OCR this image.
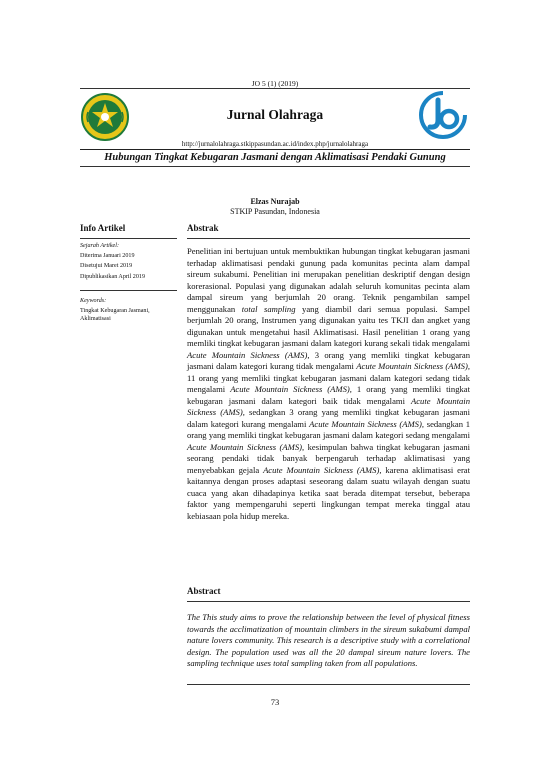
JO 5 (1) (2019)
Jurnal Olahraga
http://jurnalolahraga.stkippasundan.ac.id/index.php/jurnalolahraga
Hubungan Tingkat Kebugaran Jasmani dengan Aklimatisasi Pendaki Gunung
Elzas Nurajab
STKIP Pasundan, Indonesia
Info Artikel	Abstrak
Sejarah Artikel:
Diterima Januari 2019
Disetujui Maret 2019
Dipublikasikan April 2019
Keywords:
Tingkat Kebugaran Jasmani,
Aklimatisasi
Penelitian ini bertujuan untuk membuktikan hubungan tingkat kebugaran jasmani terhadap aklimatisasi pendaki gunung pada komunitas pecinta alam dampal sireum sukabumi. Penelitian ini merupakan penelitian deskriptif dengan design korerasional. Populasi yang digunakan adalah seluruh komunitas pecinta alam dampal sireum yang berjumlah 20 orang. Teknik pengambilan sampel menggunakan total sampling yang diambil dari semua populasi. Sampel berjumlah 20 orang, Instrumen yang digunakan yaitu tes TKJI dan angket yang digunakan untuk mengetahui hasil Aklimatisasi. Hasil penelitian 1 orang yang memliki tingkat kebugaran jasmani dalam kategori kurang sekali tidak mengalami Acute Mountain Sickness (AMS), 3 orang yang memliki tingkat kebugaran jasmani dalam kategori kurang tidak mengalami Acute Mountain Sickness (AMS), 11 orang yang memliki tingkat kebugaran jasmani dalam kategori sedang tidak mengalami Acute Mountain Sickness (AMS), 1 orang yang memliki tingkat kebugaran jasmani dalam kategori baik tidak mengalami Acute Mountain Sickness (AMS), sedangkan 3 orang yang memliki tingkat kebugaran jasmani dalam kategori kurang mengalami Acute Mountain Sickness (AMS), sedangkan 1 orang yang memliki tingkat kebugaran jasmani dalam kategori sedang mengalami Acute Mountain Sickness (AMS), kesimpulan bahwa tingkat kebugaran jasmani seorang pendaki tidak banyak berpengaruh terhadap aklimatisasi yang menyebabkan gejala Acute Mountain Sickness (AMS), karena aklimatisasi erat kaitannya dengan proses adaptasi seseorang dalam suatu wilayah dengan suatu cuaca yang akan dihadapinya ketika saat berada ditempat tersebut, beberapa faktor yang mempengaruhi seperti lingkungan tempat mereka tinggal atau kebiasaan pola hidup mereka.
Abstract
The This study aims to prove the relationship between the level of physical fitness towards the acclimatization of mountain climbers in the sireum sukabumi dampal nature lovers community. This research is a descriptive study with a correlational design. The population used was all the 20 dampal sireum nature lovers. The sampling technique uses total sampling taken from all populations.
73
